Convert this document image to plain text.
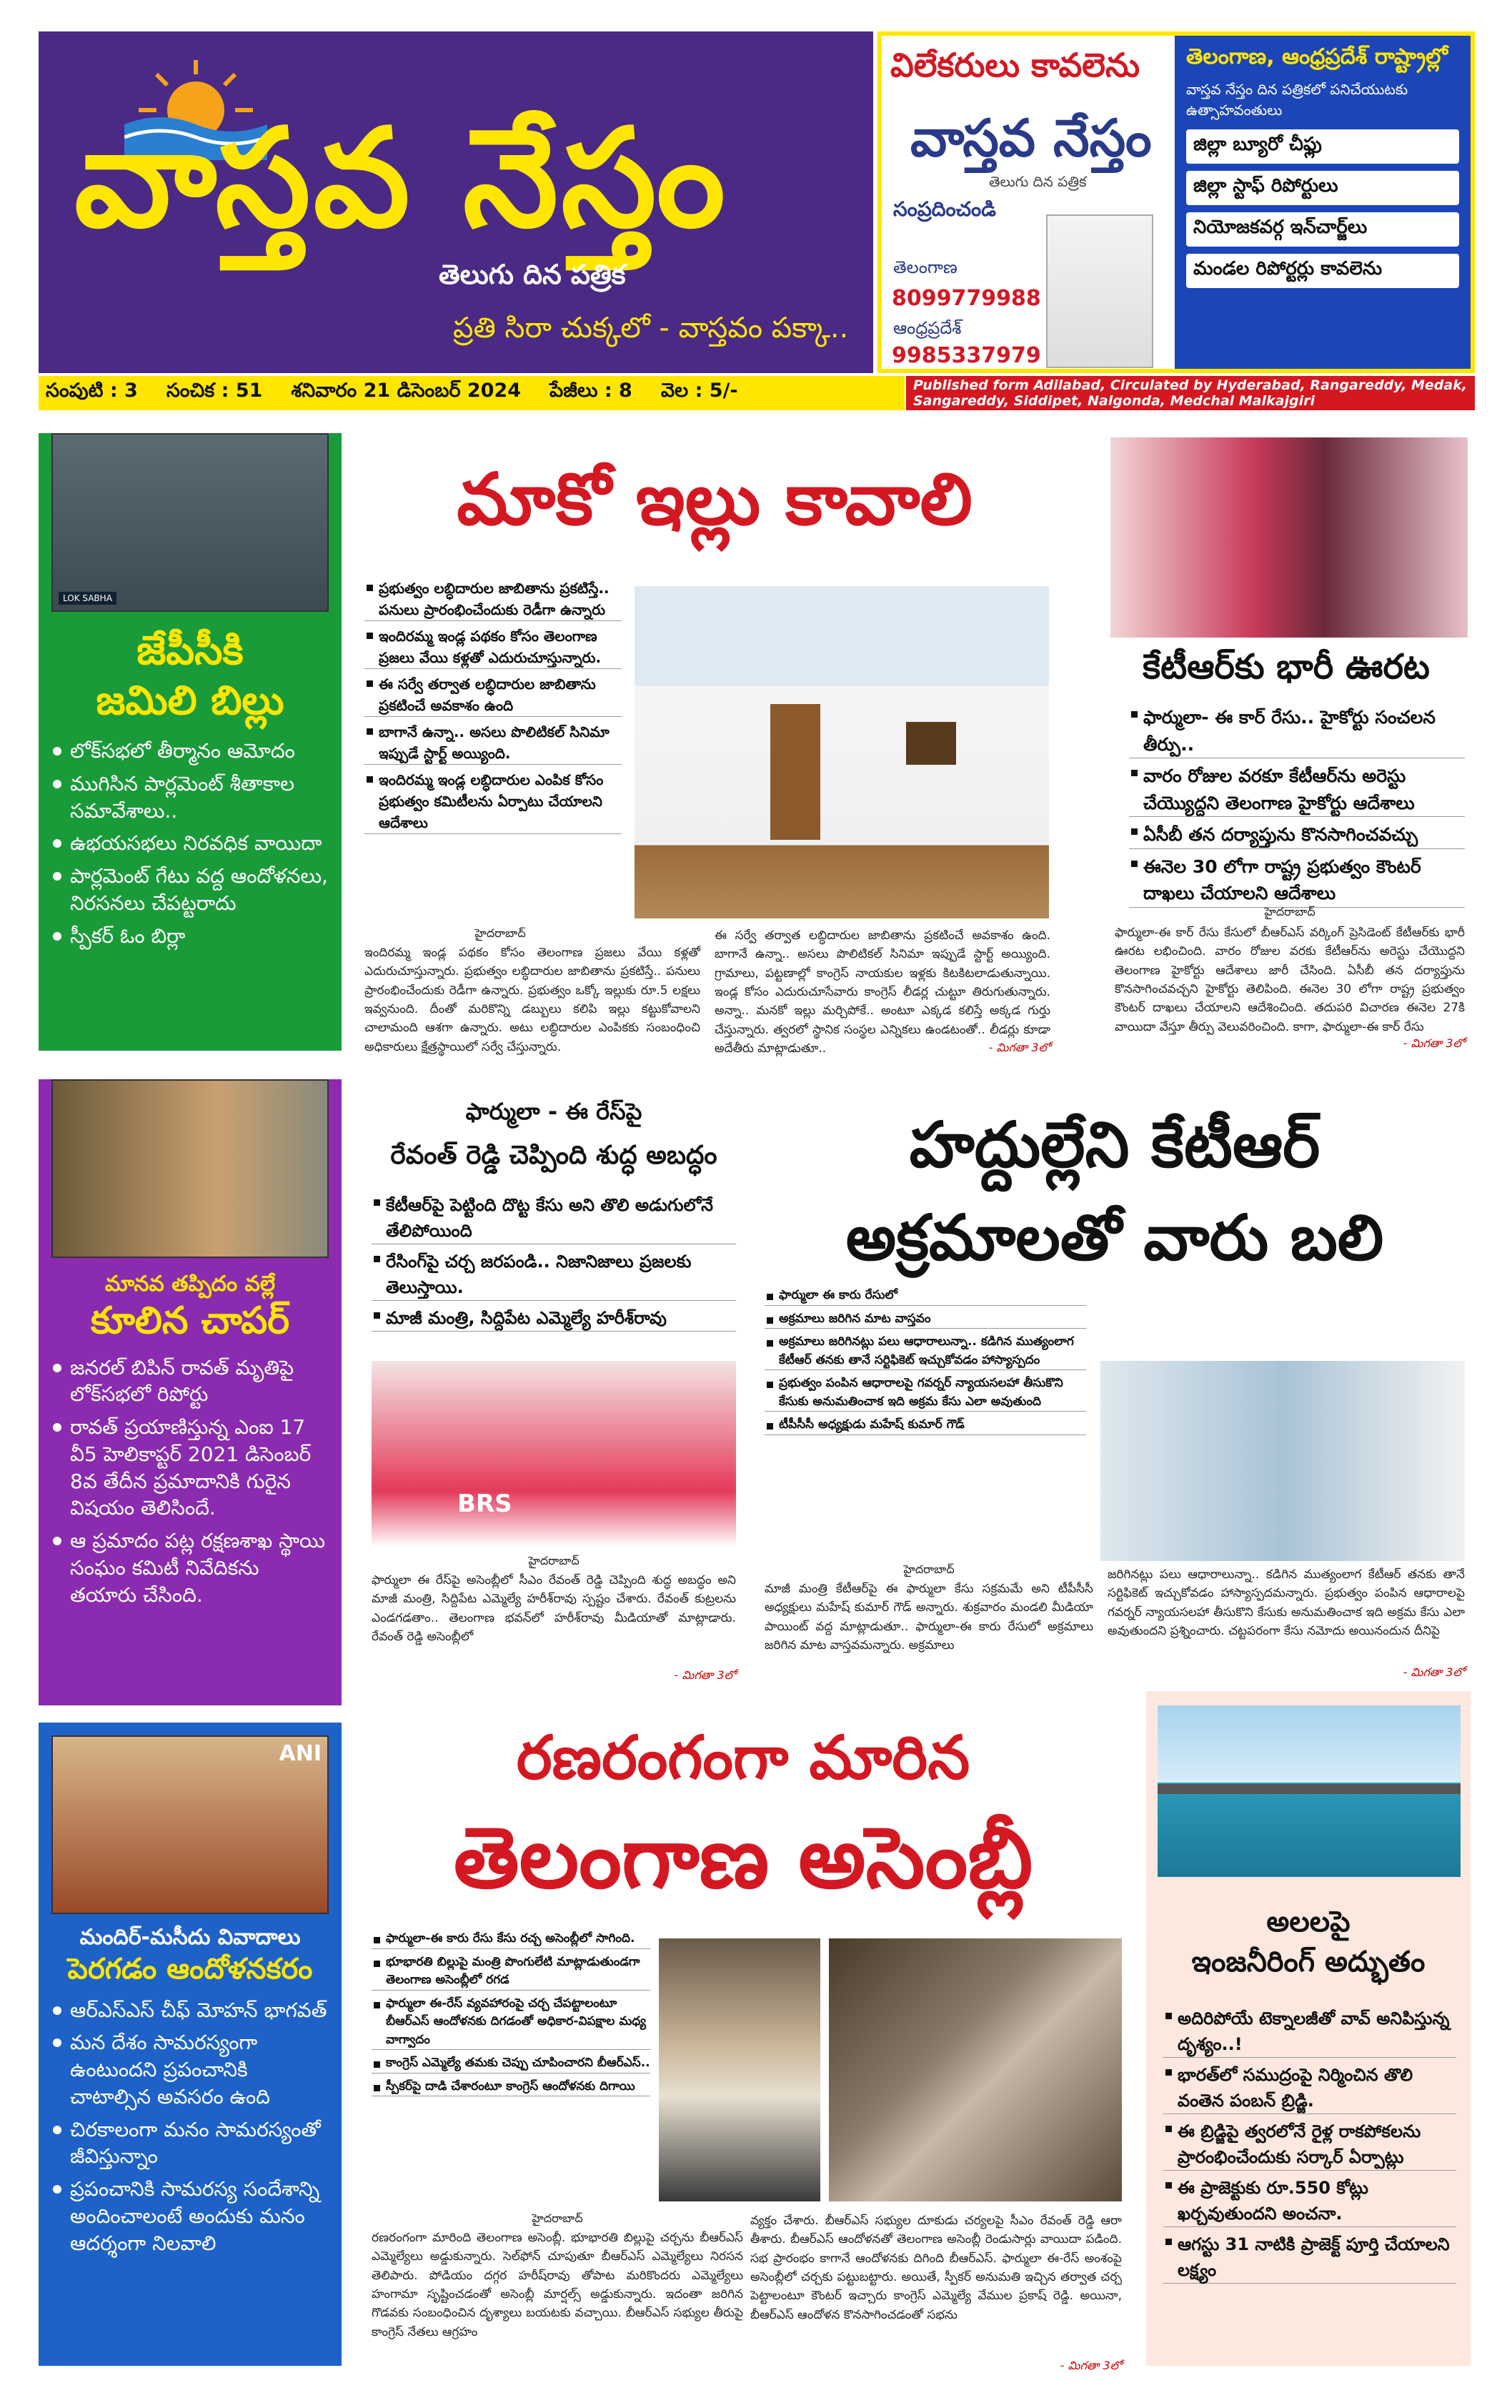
వాస్తవ నేస్తం
తెలుగు దిన పత్రిక
ప్రతి సిరా చుక్కలో - వాస్తవం పక్కా..
విలేకరులు కావలెను
వాస్తవ నేస్తం
తెలుగు దిన పత్రిక
సంప్రదించండి
తెలంగాణ
8099779988
ఆంధ్రప్రదేశ్
9985337979
తెలంగాణ, ఆంధ్రప్రదేశ్ రాష్ట్రాల్లో
వాస్తవ నేస్తం దిన పత్రికలో పనిచేయుటకు ఉత్సాహవంతులు
జిల్లా బ్యూరో చీఫ్లు
జిల్లా స్టాఫ్ రిపోర్టులు
నియోజకవర్గ ఇన్‌చార్జ్‌లు
మండల రిపోర్టర్లు కావలెను
సంపుటి : 3 సంచిక : 51 శనివారం 21 డిసెంబర్ 2024 పేజీలు : 8 వెల : 5/-	Published form Adilabad, Circulated by Hyderabad, Rangareddy, Medak, Sangareddy, Siddipet, Nalgonda, Medchal Malkajgiri
LOK SABHA
జేపీసీకి
జమిలి బిల్లు
లోక్‌సభలో తీర్మానం ఆమోదం
ముగిసిన పార్లమెంట్ శీతాకాల సమావేశాలు..
ఉభయసభలు నిరవధిక వాయిదా
పార్లమెంట్ గేటు వద్ద ఆందోళనలు, నిరసనలు చేపట్టరాదు
స్పీకర్ ఓం బిర్లా
మానవ తప్పిదం వల్లే
కూలిన చాపర్
జనరల్ బిపిన్ రావత్ మృతిపై లోక్‌సభలో రిపోర్టు
రావత్ ప్రయాణిస్తున్న ఎంఐ 17 వీ5 హెలికాప్టర్ 2021 డిసెంబర్ 8వ తేదీన ప్రమాదానికి గురైన విషయం తెలిసిందే.
ఆ ప్రమాదం పట్ల రక్షణశాఖ స్థాయి సంఘం కమిటీ నివేదికను తయారు చేసింది.
ANI
మందిర్-మసీదు వివాదాలు
పెరగడం ఆందోళనకరం
ఆర్ఎస్ఎస్ చీఫ్ మోహన్ భాగవత్
మన దేశం సామరస్యంగా ఉంటుందని ప్రపంచానికి చాటాల్సిన అవసరం ఉంది
చిరకాలంగా మనం సామరస్యంతో జీవిస్తున్నాం
ప్రపంచానికి సామరస్య సందేశాన్ని అందించాలంటే అందుకు మనం ఆదర్శంగా నిలవాలి
మాకో ఇల్లు కావాలి
ప్రభుత్వం లబ్ధిదారుల జాబితాను ప్రకటిస్తే.. పనులు ప్రారంభించేందుకు రెడీగా ఉన్నారు
ఇందిరమ్మ ఇండ్ల పథకం కోసం తెలంగాణ ప్రజలు వేయి కళ్లతో ఎదురుచూస్తున్నారు.
ఈ సర్వే తర్వాత లబ్ధిదారుల జాబితాను ప్రకటించే అవకాశం ఉంది
బాగానే ఉన్నా.. అసలు పొలిటికల్ సినిమా ఇప్పుడే స్టార్ట్ అయ్యింది.
ఇందిరమ్మ ఇండ్ల లబ్ధిదారుల ఎంపిక కోసం ప్రభుత్వం కమిటీలను ఏర్పాటు చేయాలని ఆదేశాలు
హైదరాబాద్
ఇందిరమ్మ ఇండ్ల పథకం కోసం తెలంగాణ ప్రజలు వేయి కళ్లతో ఎదురుచూస్తున్నారు. ప్రభుత్వం లబ్ధిదారుల జాబితాను ప్రకటిస్తే.. పనులు ప్రారంభించేందుకు రెడీగా ఉన్నారు. ప్రభుత్వం ఒక్కో ఇల్లుకు రూ.5 లక్షలు ఇవ్వనుంది. దీంతో మరికొన్ని డబ్బులు కలిపి ఇల్లు కట్టుకోవాలని చాలామంది ఆశగా ఉన్నారు. అటు లబ్ధిదారుల ఎంపికకు సంబంధించి అధికారులు క్షేత్రస్థాయిలో సర్వే చేస్తున్నారు.
ఈ సర్వే తర్వాత లబ్ధిదారుల జాబితాను ప్రకటించే అవకాశం ఉంది. బాగానే ఉన్నా.. అసలు పొలిటికల్ సినిమా ఇప్పుడే స్టార్ట్ అయ్యింది. గ్రామాలు, పట్టణాల్లో కాంగ్రెస్ నాయకుల ఇళ్లకు కిటకిటలాడుతున్నాయి. ఇండ్ల కోసం ఎదురుచూసేవారు కాంగ్రెస్ లీడర్ల చుట్టూ తిరుగుతున్నారు. అన్నా.. మనకో ఇల్లు మర్చిపోకే.. అంటూ ఎక్కడ కలిస్తే అక్కడ గుర్తు చేస్తున్నారు. త్వరలో స్థానిక సంస్థల ఎన్నికలు ఉండటంతో.. లీడర్లు కూడా అదేతీరు మాట్లాడుతూ..	- మిగతా 3లో
కేటీఆర్‌కు భారీ ఊరట
ఫార్ములా- ఈ కార్ రేసు.. హైకోర్టు సంచలన తీర్పు..
వారం రోజుల వరకూ కేటీఆర్‌ను అరెస్టు చేయ్యొద్దని తెలంగాణ హైకోర్టు ఆదేశాలు
ఏసీబీ తన దర్యాప్తును కొనసాగించవచ్చు
ఈనెల 30 లోగా రాష్ట్ర ప్రభుత్వం కౌంటర్ దాఖలు చేయాలని ఆదేశాలు
హైదరాబాద్
ఫార్ములా-ఈ కార్ రేసు కేసులో బీఆర్ఎస్ వర్కింగ్ ప్రెసిడెంట్ కేటీఆర్‌కు భారీ ఊరట లభించింది. వారం రోజుల వరకు కేటీఆర్‌ను అరెస్టు చేయొద్దని తెలంగాణ హైకోర్టు ఆదేశాలు జారీ చేసింది. ఏసీబీ తన దర్యాప్తును కొనసాగించవచ్చని హైకోర్టు తెలిపింది. ఈనెల 30 లోగా రాష్ట్ర ప్రభుత్వం కౌంటర్ దాఖలు చేయాలని ఆదేశించింది. తదుపరి విచారణ ఈనెల 27కి వాయిదా వేస్తూ తీర్పు వెలువరించింది. కాగా, ఫార్ములా-ఈ కార్ రేసు
- మిగతా 3లో
ఫార్ములా - ఈ రేస్‌పై
రేవంత్ రెడ్డి చెప్పింది శుద్ధ అబద్ధం
కేటీఆర్‌పై పెట్టింది దొట్ట కేసు అని తొలి అడుగులోనే తేలిపోయింది
రేసింగ్‌పై చర్చ జరపండి.. నిజానిజాలు ప్రజలకు తెలుస్తాయి.
మాజీ మంత్రి, సిద్దిపేట ఎమ్మెల్యే హరీశ్‌రావు
BRS
హైదరాబాద్
ఫార్ములా ఈ రేస్‌పై అసెంబ్లీలో సీఎం రేవంత్ రెడ్డి చెప్పింది శుద్ధ అబద్ధం అని మాజీ మంత్రి, సిద్దిపేట ఎమ్మెల్యే హరీశ్‌రావు స్పష్టం చేశారు. రేవంత్ కుట్రలను ఎండగడతాం.. తెలంగాణ భవన్‌లో హరీశ్‌రావు మీడియాతో మాట్లాడారు. రేవంత్ రెడ్డి అసెంబ్లీలో
- మిగతా 3లో
హద్దుల్లేని కేటీఆర్
అక్రమాలతో వారు బలి
ఫార్ములా ఈ కారు రేసులో
అక్రమాలు జరిగిన మాట వాస్తవం
అక్రమాలు జరిగినట్లు పలు ఆధారాలున్నా.. కడిగిన ముత్యంలాగ కేటీఆర్ తనకు తానే సర్టిఫికెట్ ఇచ్చుకోవడం హాస్యాస్పదం
ప్రభుత్వం పంపిన ఆధారాలపై గవర్నర్ న్యాయసలహా తీసుకొని కేసుకు అనుమతించాక ఇది అక్రమ కేసు ఎలా అవుతుంది
టీపీసీసీ అధ్యక్షుడు మహేష్ కుమార్ గౌడ్
హైదరాబాద్
మాజీ మంత్రి కేటీఆర్‌పై ఈ ఫార్ములా కేసు సక్రమమే అని టీపీసీసీ అధ్యక్షులు మహేష్ కుమార్ గౌడ్ అన్నారు. శుక్రవారం మండలి మీడియా పాయింట్ వద్ద మాట్లాడుతూ.. ఫార్ములా-ఈ కారు రేసులో అక్రమాలు జరిగిన మాట వాస్తవమన్నారు. అక్రమాలు
జరిగినట్లు పలు ఆధారాలున్నా.. కడిగిన ముత్యంలాగ కేటీఆర్ తనకు తానే సర్టిఫికెట్ ఇచ్చుకోవడం హాస్యాస్పదమన్నారు. ప్రభుత్వం పంపిన ఆధారాలపై గవర్నర్ న్యాయసలహా తీసుకొని కేసుకు అనుమతించాక ఇది అక్రమ కేసు ఎలా అవుతుందని ప్రశ్నించారు. చట్టపరంగా కేసు నమోదు అయినందున దీనిపై
- మిగతా 3లో
రణరంగంగా మారిన
తెలంగాణ అసెంబ్లీ
ఫార్ములా-ఈ కారు రేసు కేసు రచ్చ అసెంబ్లీలో సాగింది.
భూభారతి బిల్లుపై మంత్రి పొంగులేటి మాట్లాడుతుండగా తెలంగాణ అసెంబ్లీలో రగడ
ఫార్ములా ఈ-రేస్ వ్యవహారంపై చర్చ చేపట్టాలంటూ బీఆర్ఎస్ ఆందోళనకు దిగడంతో అధికార-విపక్షాల మధ్య వాగ్వాదం
కాంగ్రెస్ ఎమ్మెల్యే తమకు చెప్పు చూపించారని బీఆర్ఎస్..
స్పీకర్‌పై దాడి చేశారంటూ కాంగ్రెస్ ఆందోళనకు దిగాయి
హైదరాబాద్
రణరంగంగా మారింది తెలంగాణ అసెంబ్లీ. భూభారతి బిల్లుపై చర్చను బీఆర్ఎస్ ఎమ్మెల్యేలు అడ్డుకున్నారు. సెల్‌ఫోన్ చూపుతూ బీఆర్ఎస్ ఎమ్మెల్యేలు నిరసన తెలిపారు. పోడియం దగ్గర హరీష్‌రావు తోపాట మరికొందరు ఎమ్మెల్యేలు హంగామా సృష్టించడంతో అసెంబ్లీ మార్షల్స్ అడ్డుకున్నారు. ఇదంతా జరిగిన గొడవకు సంబంధించిన దృశ్యాలు బయటకు వచ్చాయి. బీఆర్ఎస్ సభ్యుల తీరుపై కాంగ్రెస్ నేతలు ఆగ్రహం
వ్యక్తం చేశారు. బీఆర్ఎస్ సభ్యుల దూకుడు చర్యలపై సీఎం రేవంత్ రెడ్డి ఆరా తీశారు. బీఆర్ఎస్ ఆందోళనతో తెలంగాణ అసెంబ్లీ రెండుసార్లు వాయిదా పడింది. సభ ప్రారంభం కాగానే ఆందోళనకు దిగింది బీఆర్ఎస్. ఫార్ములా ఈ-రేస్ అంశంపై అసెంబ్లీలో చర్చకు పట్టుబట్టారు. అయితే, స్పీకర్ అనుమతి ఇచ్చిన తర్వాత చర్చ పెట్టాలంటూ కౌంటర్ ఇచ్చారు కాంగ్రెస్ ఎమ్మెల్యే వేముల ప్రకాష్ రెడ్డి. అయినా, బీఆర్ఎస్ ఆందోళన కొనసాగించడంతో సభను
- మిగతా 3లో
అలలపై
ఇంజనీరింగ్ అద్భుతం
అదిరిపోయే టెక్నాలజీతో వావ్ అనిపిస్తున్న దృశ్యం..!
భారత్‌లో సముద్రంపై నిర్మించిన తొలి వంతెన పంబన్ బ్రిడ్జి.
ఈ బ్రిడ్జిపై త్వరలోనే రైళ్ల రాకపోకలను ప్రారంభించేందుకు సర్కార్ ఏర్పాట్లు
ఈ ప్రాజెక్టుకు రూ.550 కోట్లు ఖర్చవుతుందని అంచనా.
ఆగస్టు 31 నాటికి ప్రాజెక్ట్ పూర్తి చేయాలని లక్ష్యం
